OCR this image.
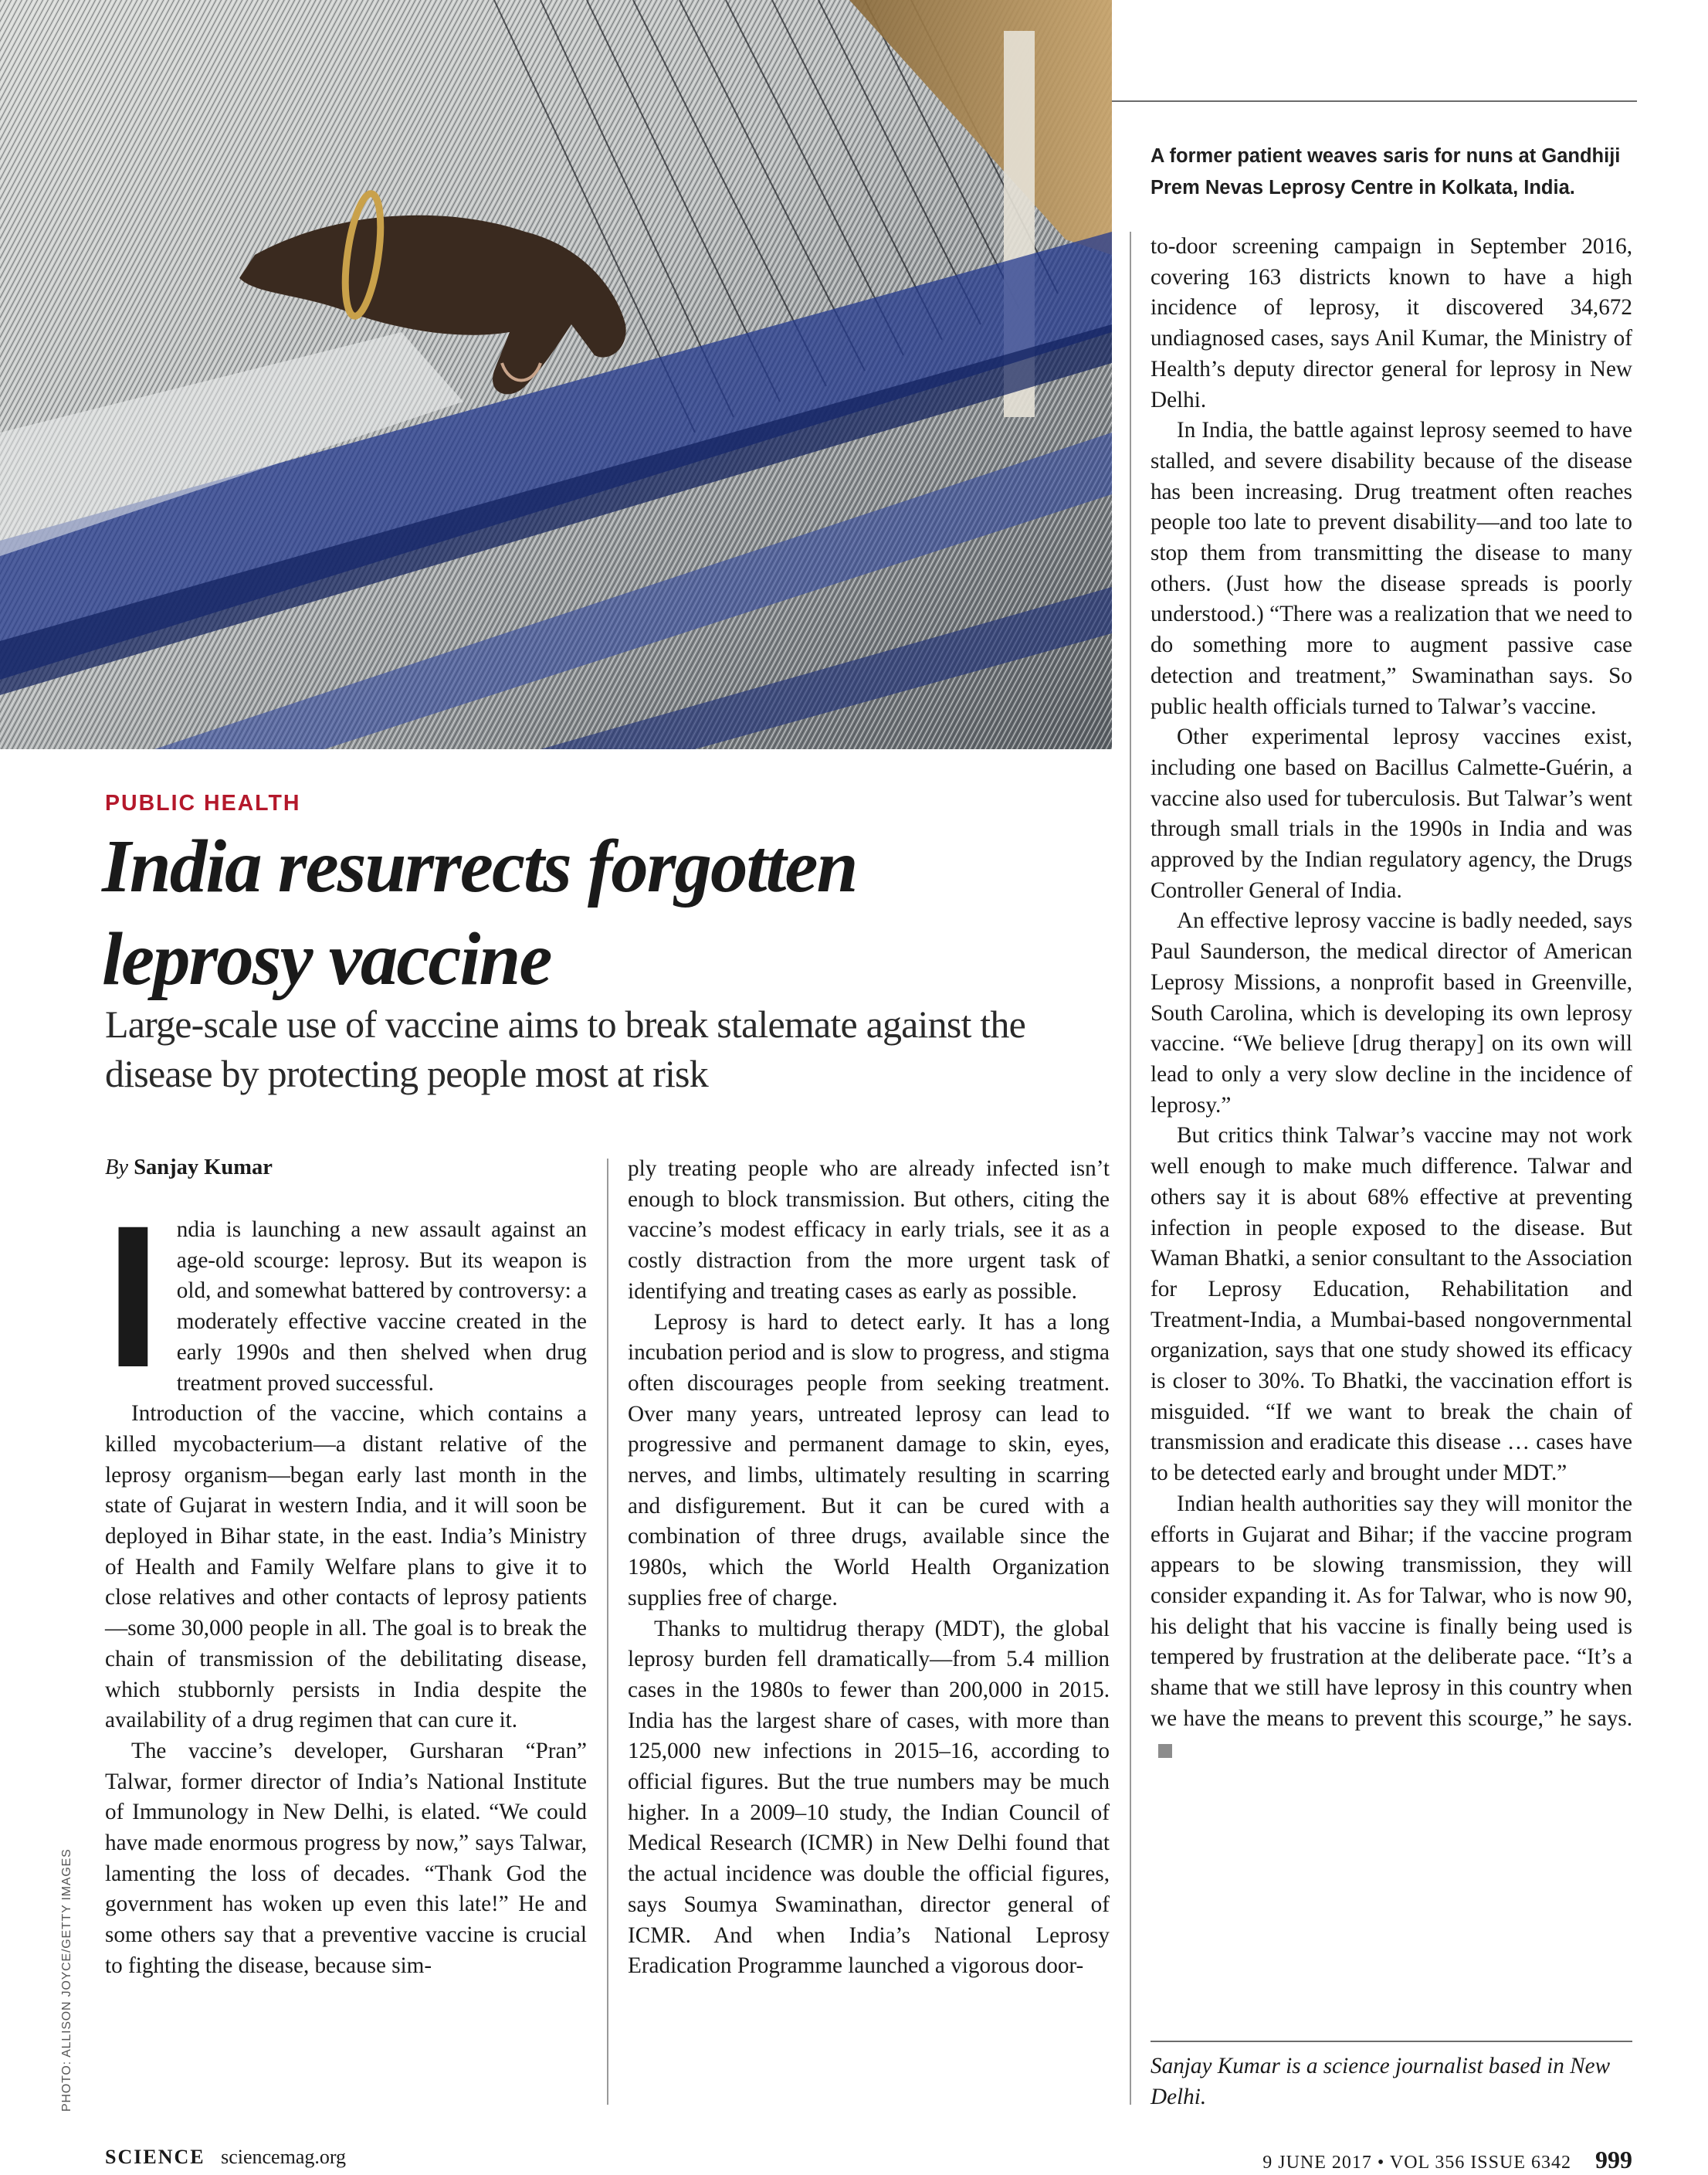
A former patient weaves saris for nuns at Gandhiji Prem Nevas Leprosy Centre in Kolkata, India.
PUBLIC HEALTH
India resurrects forgotten leprosy vaccine
Large-scale use of vaccine aims to break stalemate against the disease by protecting people most at risk
By Sanjay Kumar
I ndia is launching a new assault against an age-old scourge: leprosy. But its weapon is old, and somewhat battered by controversy: a moderately effective vaccine created in the early 1990s and then shelved when drug treatment proved successful.

Introduction of the vaccine, which contains a killed mycobacterium—a distant relative of the leprosy organism—began early last month in the state of Gujarat in western India, and it will soon be deployed in Bihar state, in the east. India’s Ministry of Health and Family Welfare plans to give it to close relatives and other contacts of leprosy patients—some 30,000 people in all. The goal is to break the chain of transmission of the debilitating disease, which stubbornly persists in India despite the availability of a drug regimen that can cure it.

The vaccine’s developer, Gursharan “Pran” Talwar, former director of India’s National Institute of Immunology in New Delhi, is elated. “We could have made enormous progress by now,” says Talwar, lamenting the loss of decades. “Thank God the government has woken up even this late!” He and some others say that a preventive vaccine is crucial to fighting the disease, because sim-

ply treating people who are already infected isn’t enough to block transmission. But others, citing the vaccine’s modest efficacy in early trials, see it as a costly distraction from the more urgent task of identifying and treating cases as early as possible.

Leprosy is hard to detect early. It has a long incubation period and is slow to progress, and stigma often discourages people from seeking treatment. Over many years, untreated leprosy can lead to progressive and permanent damage to skin, eyes, nerves, and limbs, ultimately resulting in scarring and disfigurement. But it can be cured with a combination of three drugs, available since the 1980s, which the World Health Organization supplies free of charge.

Thanks to multidrug therapy (MDT), the global leprosy burden fell dramatically—from 5.4 million cases in the 1980s to fewer than 200,000 in 2015. India has the largest share of cases, with more than 125,000 new infections in 2015–16, according to official figures. But the true numbers may be much higher. In a 2009–10 study, the Indian Council of Medical Research (ICMR) in New Delhi found that the actual incidence was double the official figures, says Soumya Swaminathan, director general of ICMR. And when India’s National Leprosy Eradication Programme launched a vigorous door-

to-door screening campaign in September 2016, covering 163 districts known to have a high incidence of leprosy, it discovered 34,672 undiagnosed cases, says Anil Kumar, the Ministry of Health’s deputy director general for leprosy in New Delhi.

In India, the battle against leprosy seemed to have stalled, and severe disability because of the disease has been increasing. Drug treatment often reaches people too late to prevent disability—and too late to stop them from transmitting the disease to many others. (Just how the disease spreads is poorly understood.) “There was a realization that we need to do something more to augment passive case detection and treatment,” Swaminathan says. So public health officials turned to Talwar’s vaccine.

Other experimental leprosy vaccines exist, including one based on Bacillus Calmette-Guérin, a vaccine also used for tuberculosis. But Talwar’s went through small trials in the 1990s in India and was approved by the Indian regulatory agency, the Drugs Controller General of India.

An effective leprosy vaccine is badly needed, says Paul Saunderson, the medical director of American Leprosy Missions, a nonprofit based in Greenville, South Carolina, which is developing its own leprosy vaccine. “We believe [drug therapy] on its own will lead to only a very slow decline in the incidence of leprosy.”

But critics think Talwar’s vaccine may not work well enough to make much difference. Talwar and others say it is about 68% effective at preventing infection in people exposed to the disease. But Waman Bhatki, a senior consultant to the Association for Leprosy Education, Rehabilitation and Treatment-India, a Mumbai-based nongovernmental organization, says that one study showed its efficacy is closer to 30%. To Bhatki, the vaccination effort is misguided. “If we want to break the chain of transmission and eradicate this disease … cases have to be detected early and brought under MDT.”

Indian health authorities say they will monitor the efforts in Gujarat and Bihar; if the vaccine program appears to be slowing transmission, they will consider expanding it. As for Talwar, who is now 90, his delight that his vaccine is finally being used is tempered by frustration at the deliberate pace. “It’s a shame that we still have leprosy in this country when we have the means to prevent this scourge,” he says.

Sanjay Kumar is a science journalist based in New Delhi.
PHOTO: ALLISON JOYCE/GETTY IMAGES
SCIENCE sciencemag.org	9 JUNE 2017 • VOL 356 ISSUE 6342 999
